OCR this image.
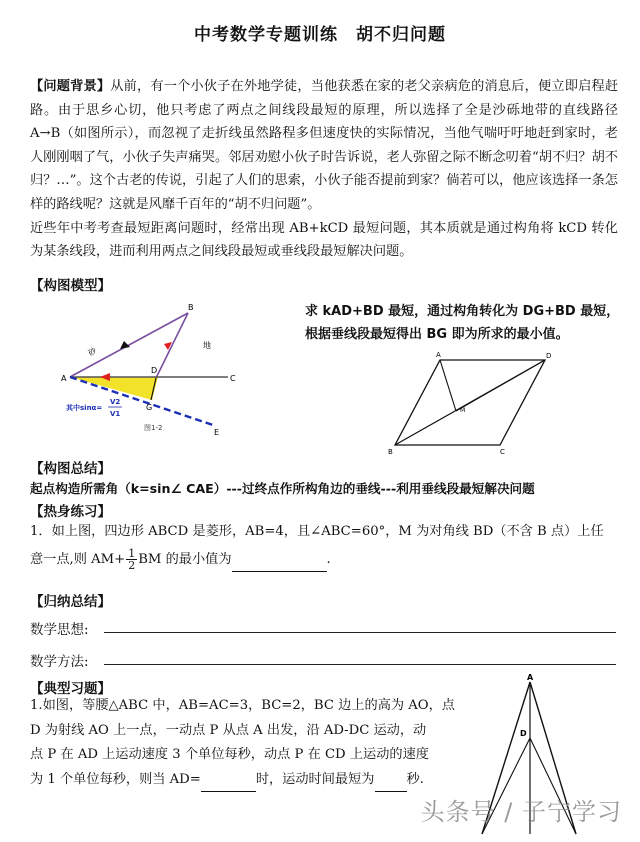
中考数学专题训练　胡不归问题
【问题背景】从前，有一个小伙子在外地学徒，当他获悉在家的老父亲病危的消息后，便立即启程赶路。由于思乡心切，他只考虑了两点之间线段最短的原理，所以选择了全是沙砾地带的直线路径 A→B（如图所示），而忽视了走折线虽然路程多但速度快的实际情况，当他气喘吁吁地赶到家时，老人刚刚咽了气，小伙子失声痛哭。邻居劝慰小伙子时告诉说，老人弥留之际不断念叨着“胡不归？胡不归？…”。这个古老的传说，引起了人们的思索，小伙子能否提前到家？倘若可以，他应该选择一条怎样的路线呢？这就是风靡千百年的“胡不归问题”。
近些年中考考查最短距离问题时，经常出现 AB+kCD 最短问题，其本质就是通过构角将 kCD 转化为某条线段，进而利用两点之间线段最短或垂线段最短解决问题。
【构图模型】
B
A
D
C
G
E
砂
地
其中sinα=
V2
V1
图1-2
求 kAD+BD 最短，通过构角转化为 DG+BD 最短，
根据垂线段最短得出 BG 即为所求的最小值。
A	D
M
B	C
【构图总结】
起点构造所需角（k=sin∠ CAE）---过终点作所构角边的垂线---利用垂线段最短解决问题
【热身练习】
1．如上图，四边形 ABCD 是菱形，AB=4，且∠ABC=60°，M 为对角线 BD（不含 B 点）上任
意一点,则 $AM+ \frac{1}{2}$ BM 的最小值为	.
【归纳总结】
数学思想:
数学方法:
【典型习题】
1.如图，等腰△ABC 中，AB=AC=3，BC=2，BC 边上的高为 AO，点
D 为射线 AO 上一点，一动点 P 从点 A 出发，沿 AD-DC 运动，动
点 P 在 AD 上运动速度 3 个单位每秒，动点 P 在 CD 上运动的速度
为 1 个单位每秒，则当 AD=	时，运动时间最短为 秒.
A
D
头条号 / 子宁学习
